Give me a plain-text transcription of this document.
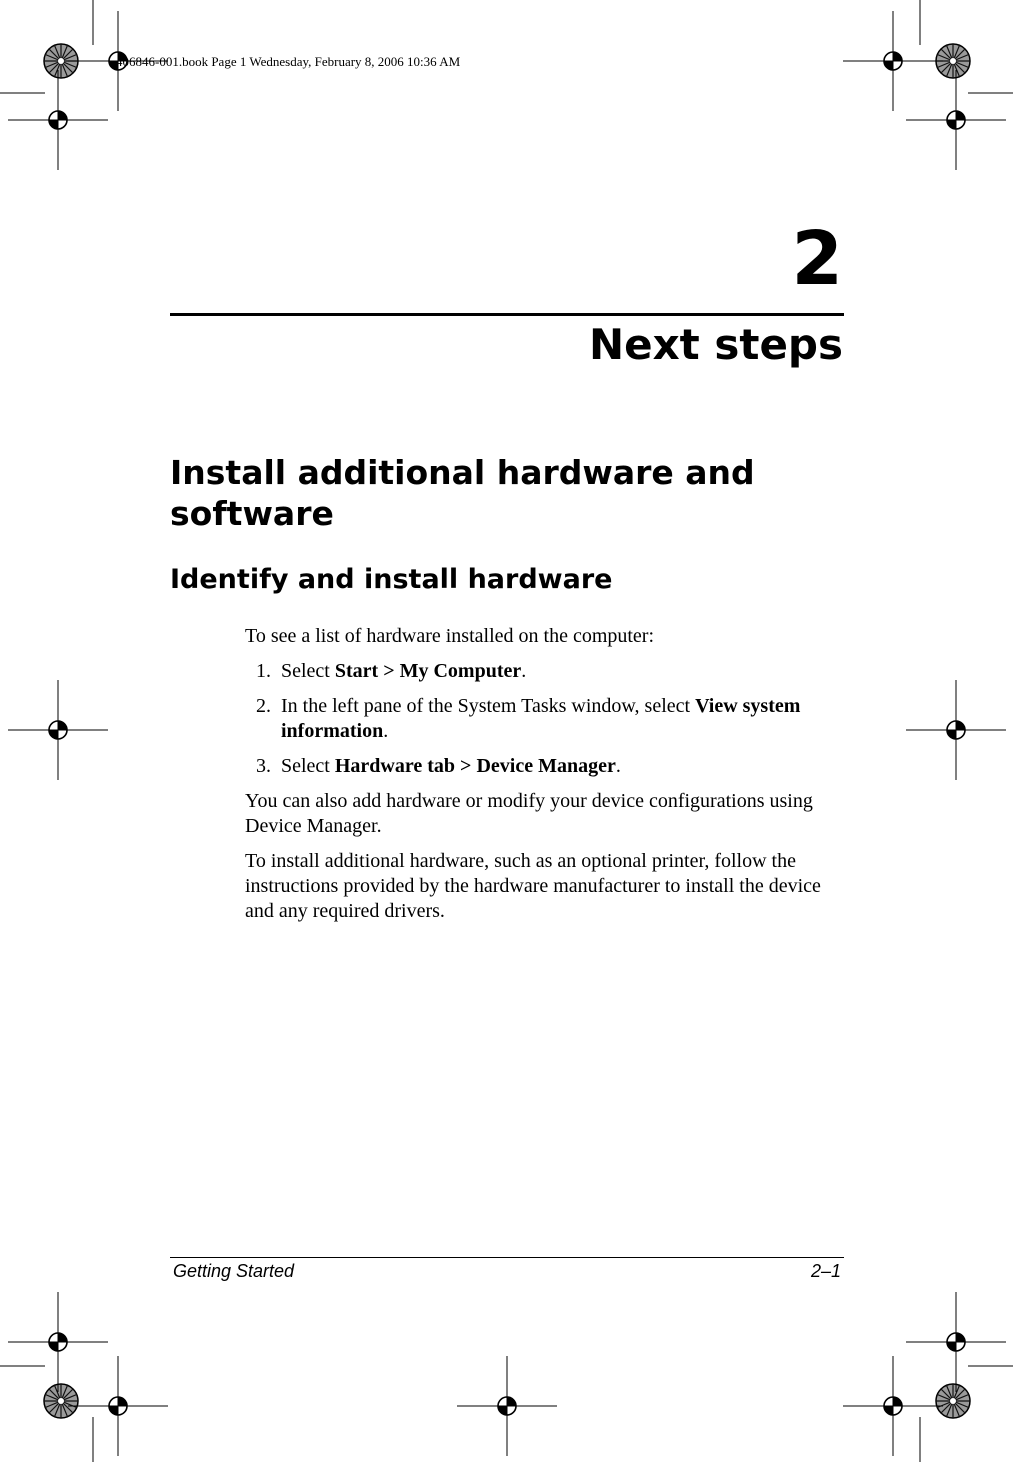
406846-001.book Page 1 Wednesday, February 8, 2006 10:36 AM
2
Next steps
Install additional hardware and software
Identify and install hardware

To see a list of hardware installed on the computer:

1. Select Start > My Computer.
2. In the left pane of the System Tasks window, select View system information.
3. Select Hardware tab > Device Manager.

You can also add hardware or modify your device configurations using Device Manager.

To install additional hardware, such as an optional printer, follow the instructions provided by the hardware manufacturer to install the device and any required drivers.

Getting Started	2–1
